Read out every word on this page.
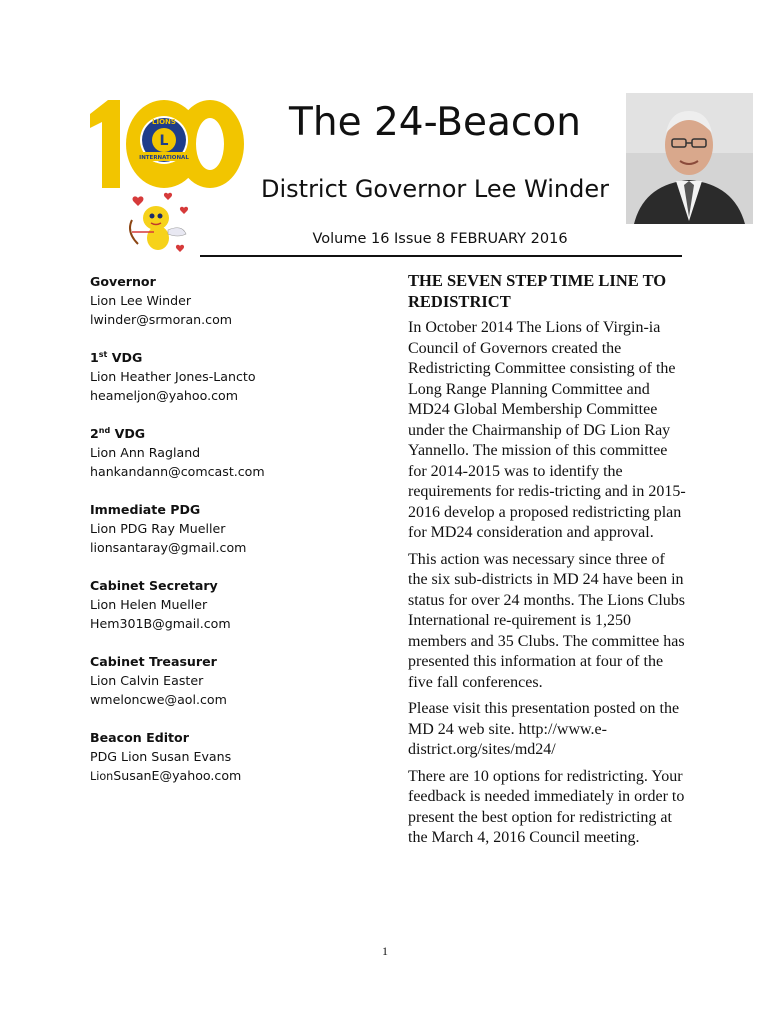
L
LIONS
INTERNATIONAL
The 24-Beacon
District Governor Lee Winder
Volume 16 Issue 8 FEBRUARY 2016
Governor
Lion Lee Winder
lwinder@srmoran.com
1st VDG
Lion Heather Jones-Lancto
heameljon@yahoo.com
2nd VDG
Lion Ann Ragland
hankandann@comcast.com
Immediate PDG
Lion PDG Ray Mueller
lionsantaray@gmail.com
Cabinet Secretary
Lion Helen Mueller
Hem301B@gmail.com
Cabinet Treasurer
Lion Calvin Easter
wmeloncwe@aol.com
Beacon Editor
PDG Lion Susan Evans
LionSusanE@yahoo.com

THE SEVEN STEP TIME LINE TO REDISTRICT

In October 2014 The Lions of Virgin-ia Council of Governors created the Redistricting Committee consisting of the Long Range Planning Committee and MD24 Global Membership Committee under the Chairmanship of DG Lion Ray Yannello. The mission of this committee for 2014-2015 was to identify the requirements for redis-tricting and in 2015-2016 develop a proposed redistricting plan for MD24 consideration and approval.

This action was necessary since three of the six sub-districts in MD 24 have been in status for over 24 months. The Lions Clubs International re-quirement is 1,250 members and 35 Clubs. The committee has presented this information at four of the five fall conferences.

Please visit this presentation posted on the MD 24 web site. http://www.e-district.org/sites/md24/

There are 10 options for redistricting. Your feedback is needed immediately in order to present the best option for redistricting at the March 4, 2016 Council meeting.

1
